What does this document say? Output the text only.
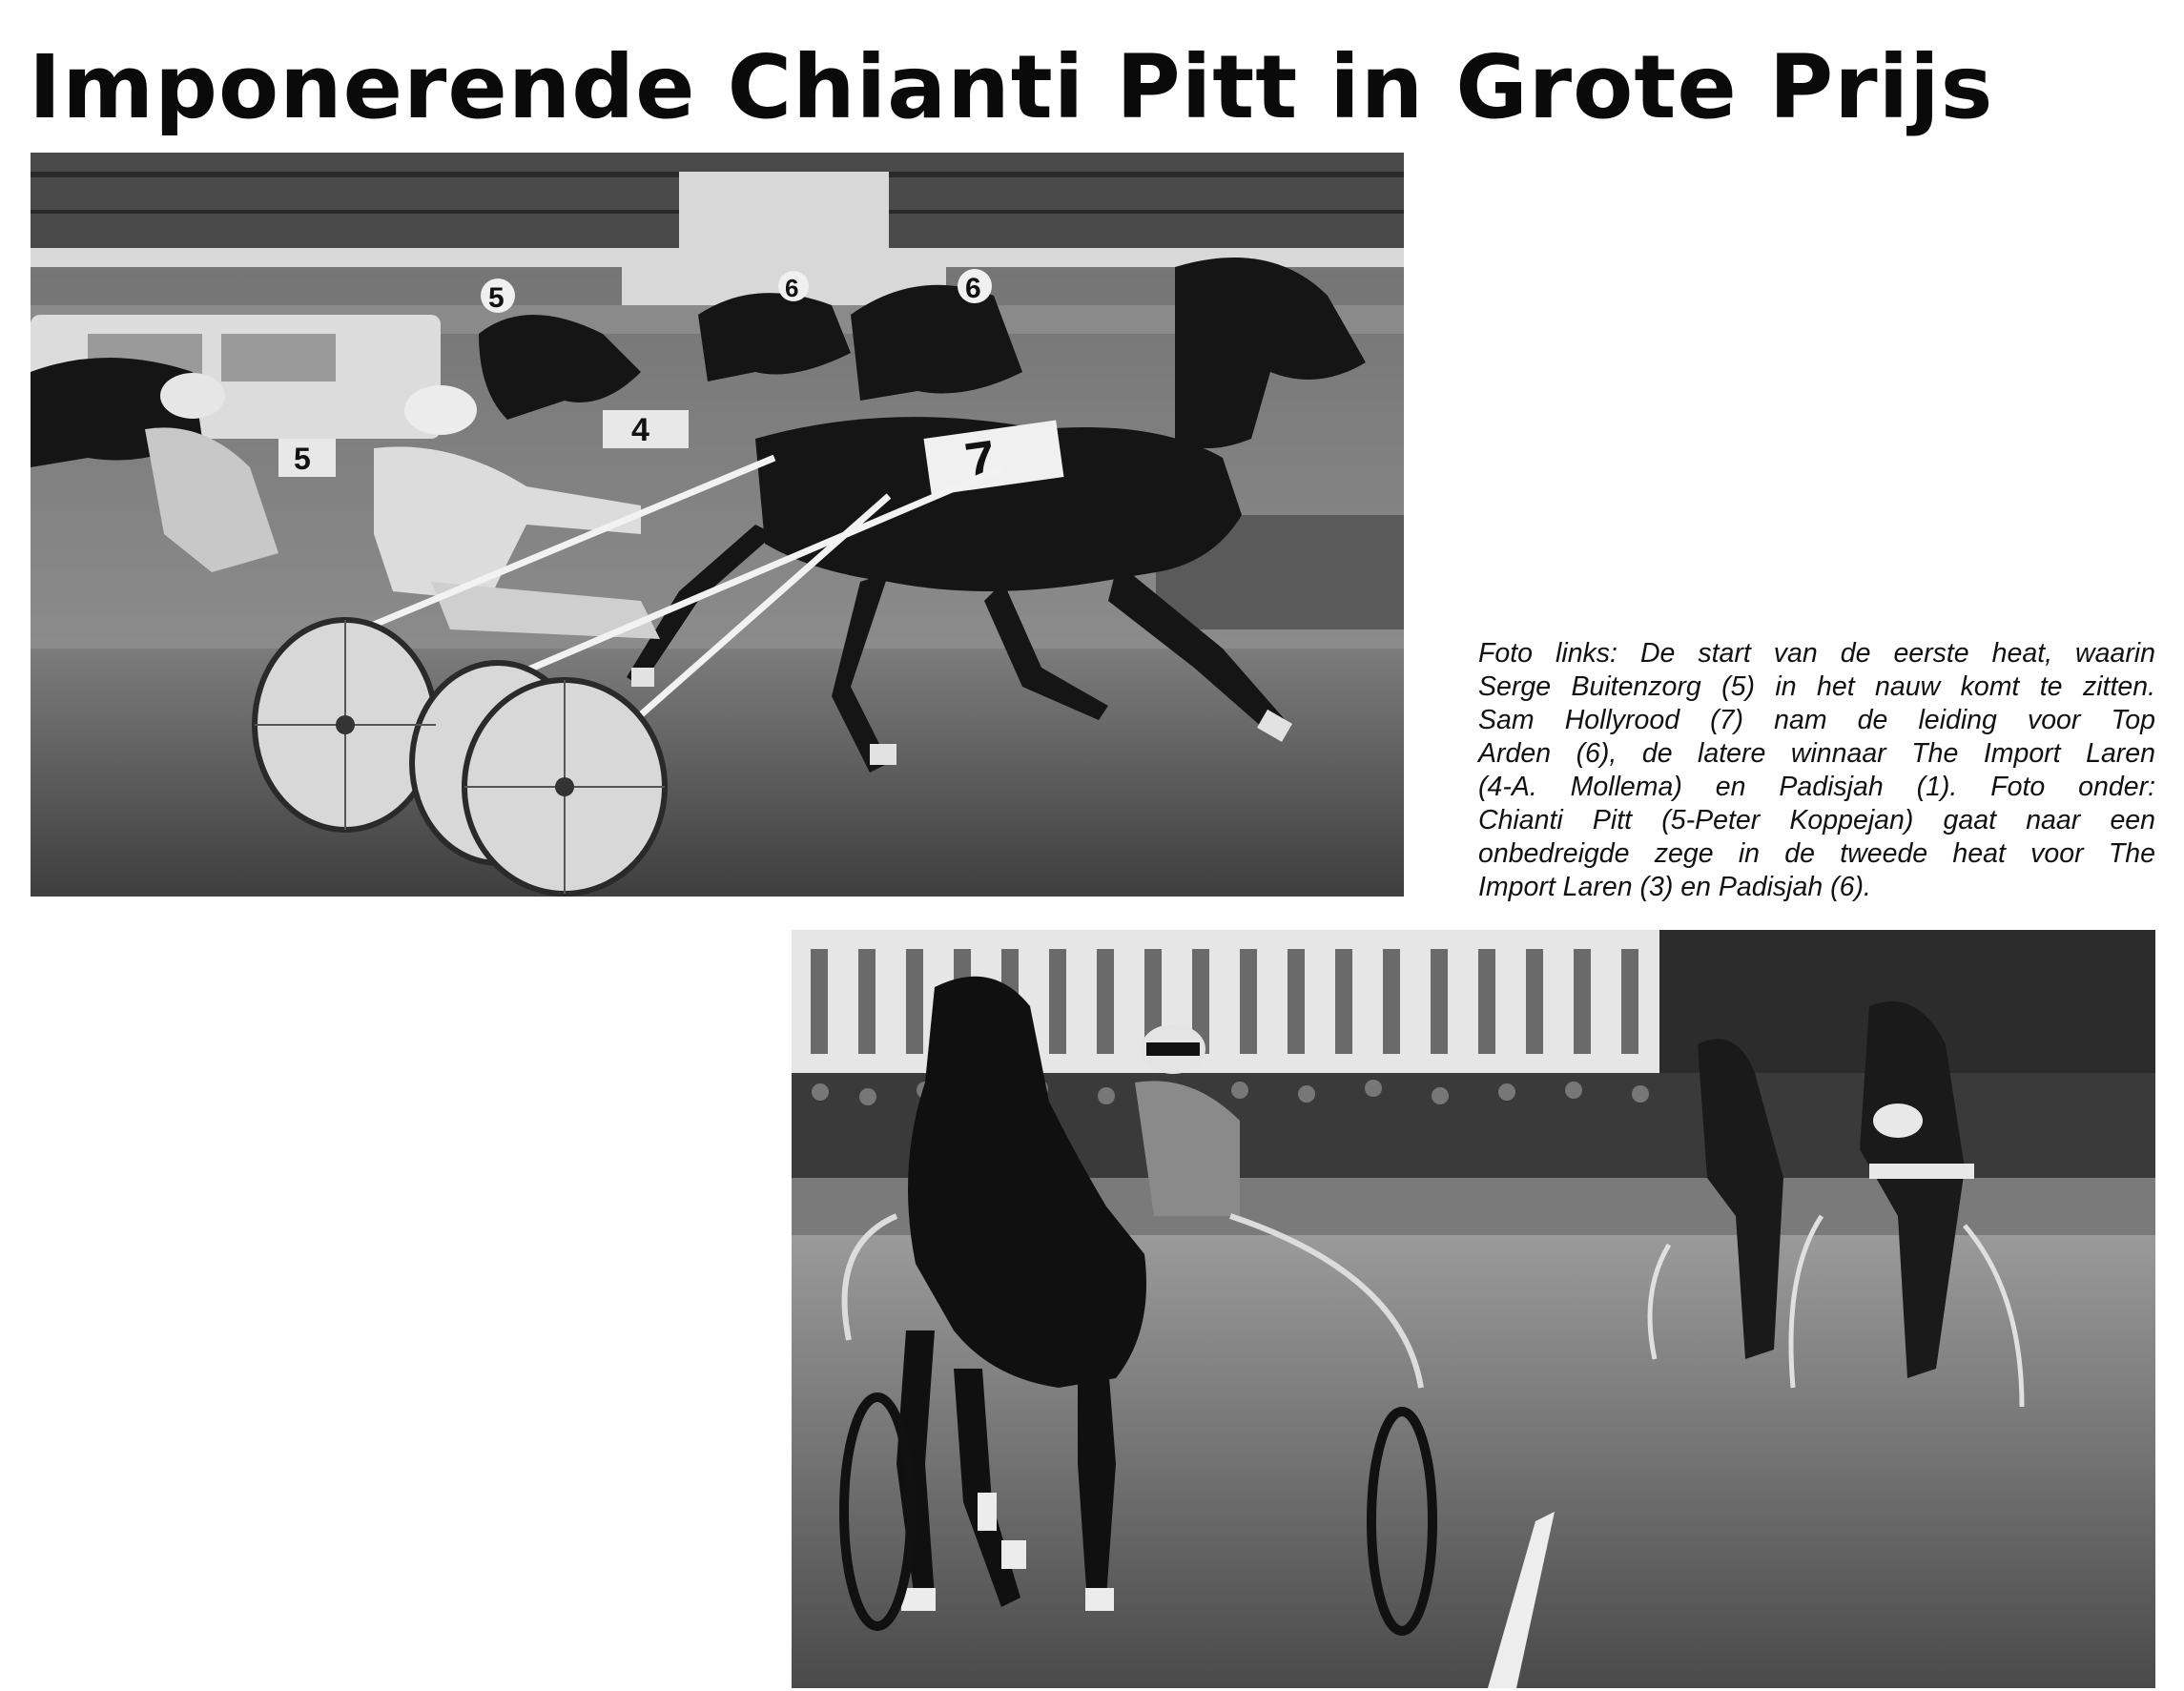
Imponerende Chianti Pitt in Grote Prijs
7
4
5	6
6
5
Foto links: De start van de eerste heat, waarin
Serge Buitenzorg (5) in het nauw komt te zitten.
Sam Hollyrood (7) nam de leiding voor Top
Arden (6), de latere winnaar The Import Laren
(4-A. Mollema) en Padisjah (1). Foto onder:
Chianti Pitt (5-Peter Koppejan) gaat naar een
onbedreigde zege in de tweede heat voor The
Import Laren (3) en Padisjah (6).
